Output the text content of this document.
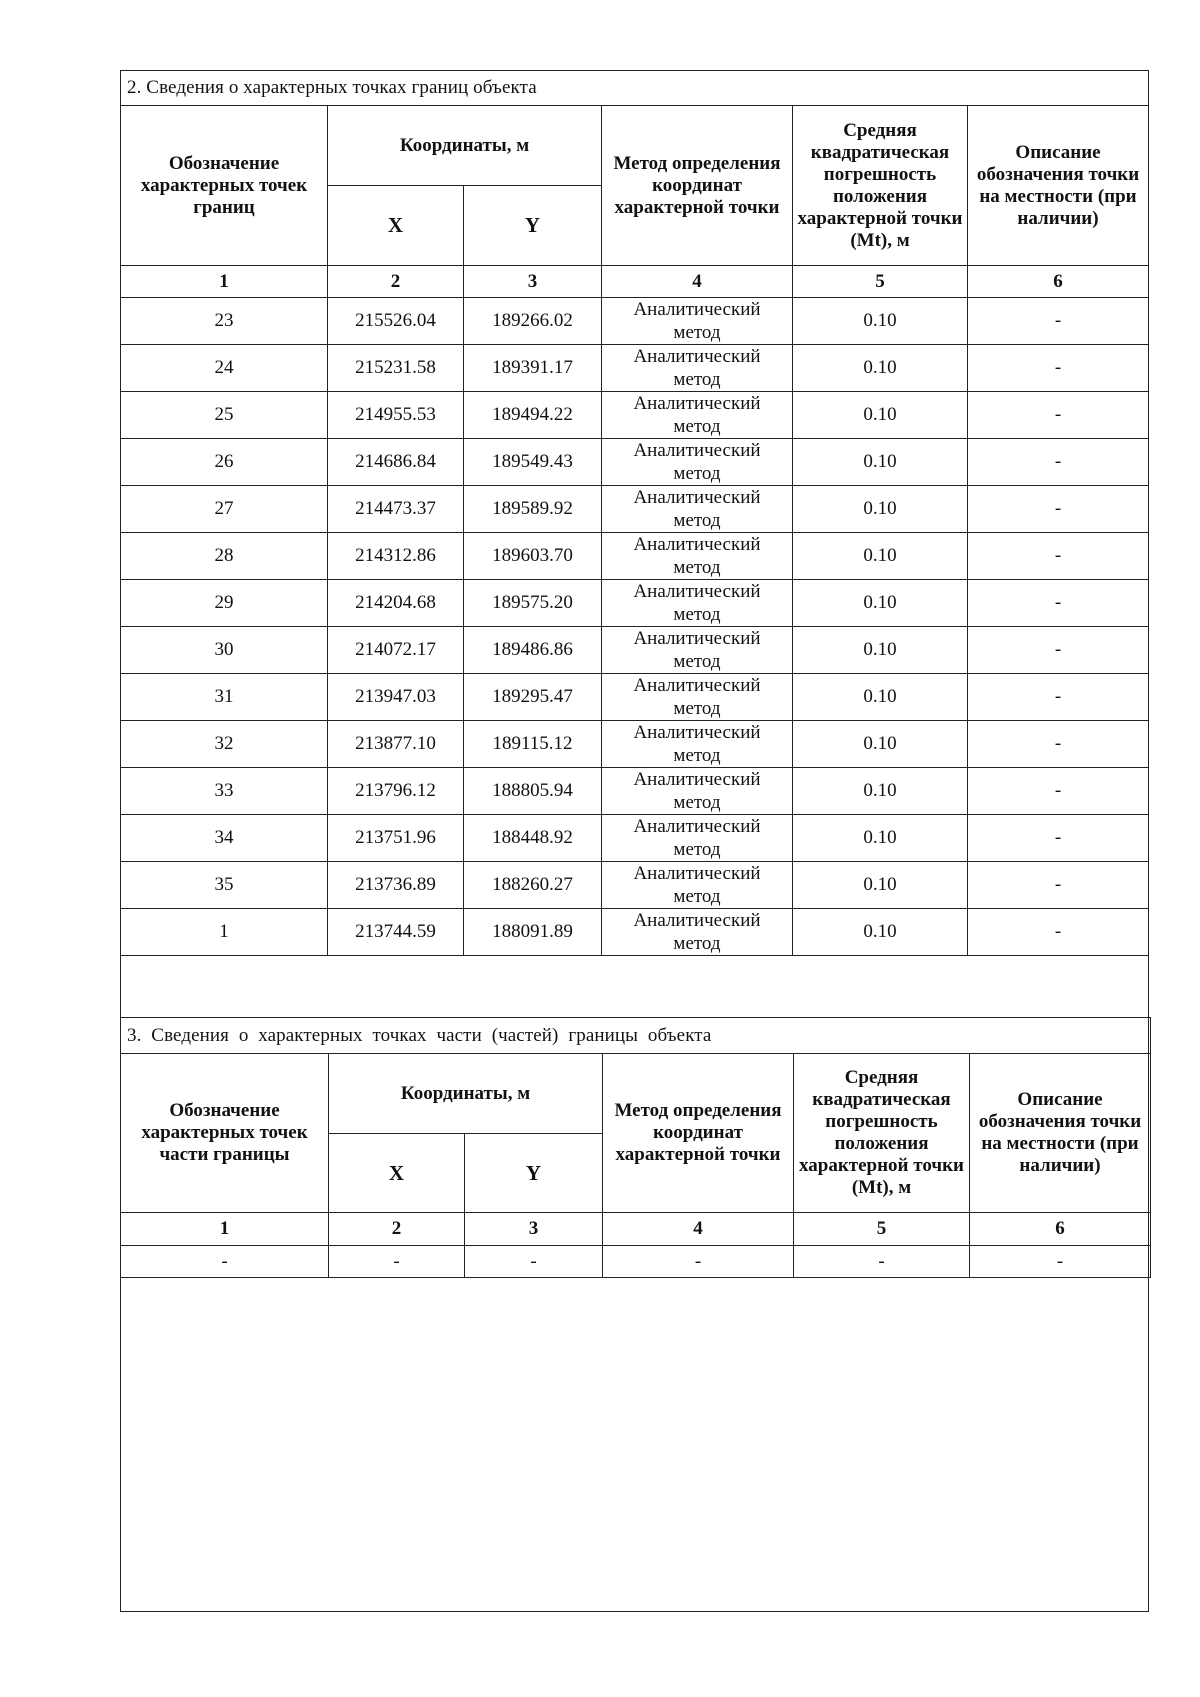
2. Сведения о характерных точках границ объекта					
Обозначение характерных точек границ	Координаты, м		Метод определения координат характерной точки	Средняя квадратическая погрешность положения характерной точки (Mt), м	Описание обозначения точки на местности (при наличии)
	X	Y			
1	2	3	4	5	6
23	215526.04	189266.02	Аналитический метод	0.10	-
24	215231.58	189391.17	Аналитический метод	0.10	-
25	214955.53	189494.22	Аналитический метод	0.10	-
26	214686.84	189549.43	Аналитический метод	0.10	-
27	214473.37	189589.92	Аналитический метод	0.10	-
28	214312.86	189603.70	Аналитический метод	0.10	-
29	214204.68	189575.20	Аналитический метод	0.10	-
30	214072.17	189486.86	Аналитический метод	0.10	-
31	213947.03	189295.47	Аналитический метод	0.10	-
32	213877.10	189115.12	Аналитический метод	0.10	-
33	213796.12	188805.94	Аналитический метод	0.10	-
34	213751.96	188448.92	Аналитический метод	0.10	-
35	213736.89	188260.27	Аналитический метод	0.10	-
1	213744.59	188091.89	Аналитический метод	0.10	-
3. Сведения о характерных точках части (частей) границы объекта					
Обозначение характерных точек части границы	Координаты, м		Метод определения координат характерной точки	Средняя квадратическая погрешность положения характерной точки (Mt), м	Описание обозначения точки на местности (при наличии)
	X	Y			
1	2	3	4	5	6
-	-	-	-	-	-
